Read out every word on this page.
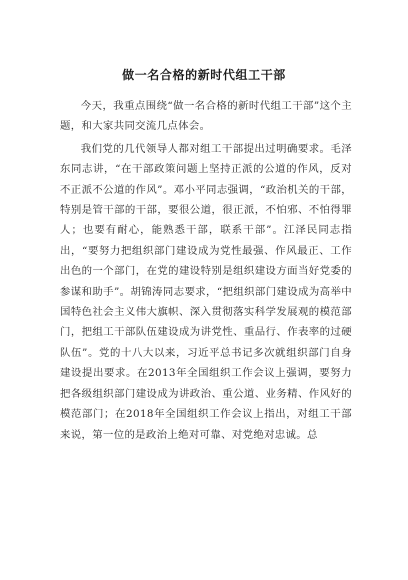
做一名合格的新时代组工干部

今天，我重点围绕“做一名合格的新时代组工干部”这个主题，和大家共同交流几点体会。

我们党的几代领导人都对组工干部提出过明确要求。毛泽东同志讲，“在干部政策问题上坚持正派的公道的作风，反对不正派不公道的作风”。邓小平同志强调，“政治机关的干部，特别是管干部的干部，要很公道，很正派，不怕邪、不怕得罪人；也要有耐心，能熟悉干部，联系干部”。江泽民同志指出，“要努力把组织部门建设成为党性最强、作风最正、工作出色的一个部门，在党的建设特别是组织建设方面当好党委的参谋和助手”。胡锦涛同志要求，“把组织部门建设成为高举中国特色社会主义伟大旗帜、深入贯彻落实科学发展观的模范部门，把组工干部队伍建设成为讲党性、重品行、作表率的过硬队伍”。党的十八大以来，习近平总书记多次就组织部门自身建设提出要求。在2013年全国组织工作会议上强调，要努力把各级组织部门建设成为讲政治、重公道、业务精、作风好的模范部门；在2018年全国组织工作会议上指出，对组工干部来说，第一位的是政治上绝对可靠、对党绝对忠诚。总
